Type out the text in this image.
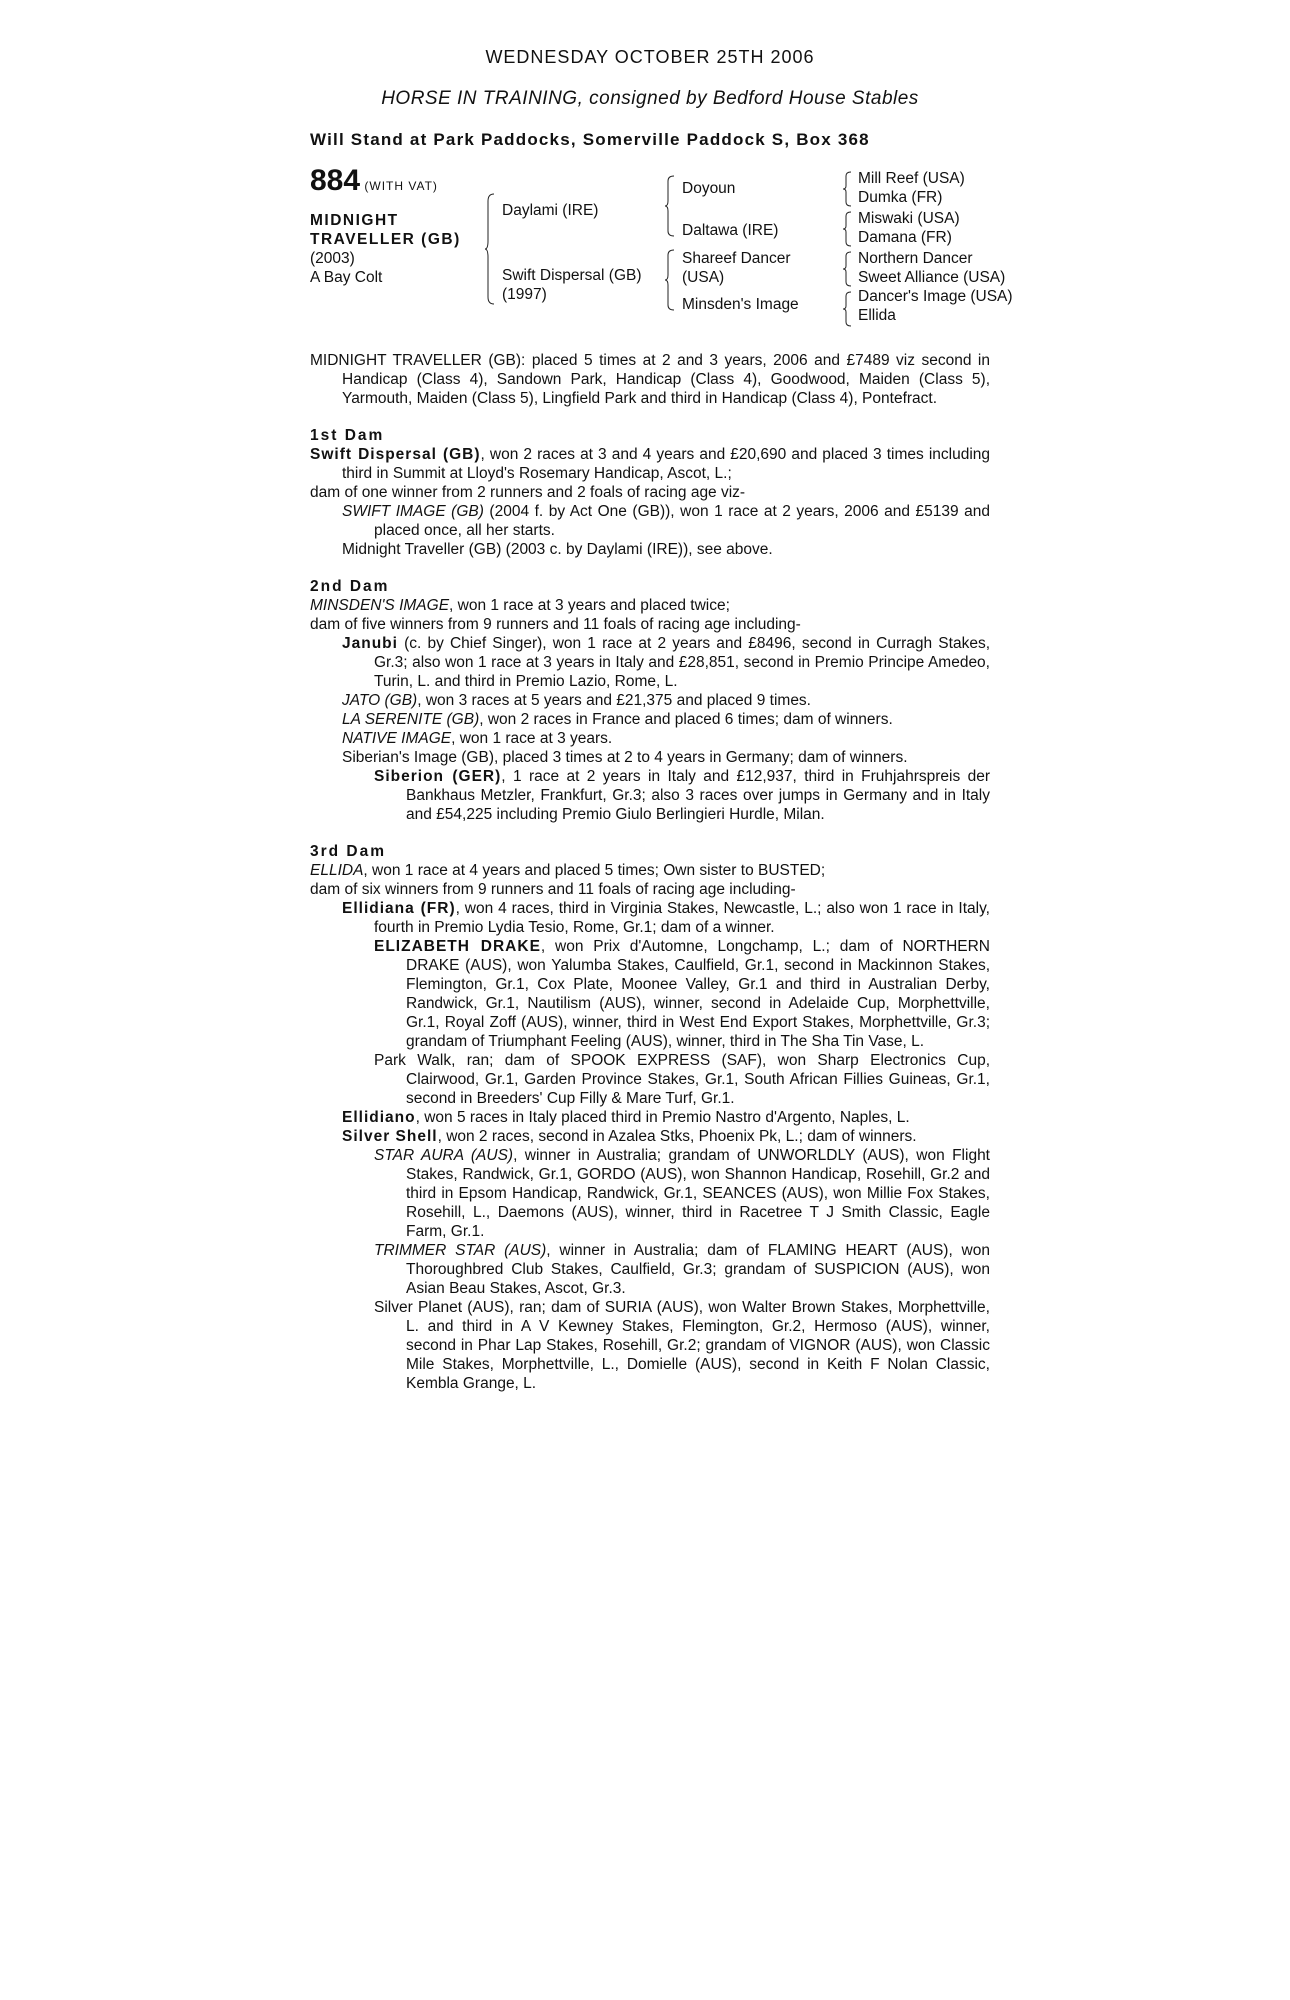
WEDNESDAY OCTOBER 25TH 2006
HORSE IN TRAINING, consigned by Bedford House Stables
Will Stand at Park Paddocks, Somerville Paddock S, Box 368
884 (WITH VAT)
MIDNIGHT
TRAVELLER (GB)
(2003)
A Bay Colt
Daylami (IRE)
Swift Dispersal (GB)
(1997)
Doyoun
Daltawa (IRE)
Shareef Dancer
(USA)
Minsden's Image
Mill Reef (USA)
Dumka (FR)
Miswaki (USA)
Damana (FR)
Northern Dancer
Sweet Alliance (USA)
Dancer's Image (USA)
Ellida

MIDNIGHT TRAVELLER (GB): placed 5 times at 2 and 3 years, 2006 and £7489 viz second in Handicap (Class 4), Sandown Park, Handicap (Class 4), Goodwood, Maiden (Class 5), Yarmouth, Maiden (Class 5), Lingfield Park and third in Handicap (Class 4), Pontefract.

1st Dam

Swift Dispersal (GB), won 2 races at 3 and 4 years and £20,690 and placed 3 times including third in Summit at Lloyd's Rosemary Handicap, Ascot, L.;

dam of one winner from 2 runners and 2 foals of racing age viz-

SWIFT IMAGE (GB) (2004 f. by Act One (GB)), won 1 race at 2 years, 2006 and £5139 and placed once, all her starts.

Midnight Traveller (GB) (2003 c. by Daylami (IRE)), see above.

2nd Dam

MINSDEN'S IMAGE, won 1 race at 3 years and placed twice;

dam of five winners from 9 runners and 11 foals of racing age including-

Janubi (c. by Chief Singer), won 1 race at 2 years and £8496, second in Curragh Stakes, Gr.3; also won 1 race at 3 years in Italy and £28,851, second in Premio Principe Amedeo, Turin, L. and third in Premio Lazio, Rome, L.

JATO (GB), won 3 races at 5 years and £21,375 and placed 9 times.

LA SERENITE (GB), won 2 races in France and placed 6 times; dam of winners.

NATIVE IMAGE, won 1 race at 3 years.

Siberian's Image (GB), placed 3 times at 2 to 4 years in Germany; dam of winners.

Siberion (GER), 1 race at 2 years in Italy and £12,937, third in Fruhjahrspreis der Bankhaus Metzler, Frankfurt, Gr.3; also 3 races over jumps in Germany and in Italy and £54,225 including Premio Giulo Berlingieri Hurdle, Milan.

3rd Dam

ELLIDA, won 1 race at 4 years and placed 5 times; Own sister to BUSTED;

dam of six winners from 9 runners and 11 foals of racing age including-

Ellidiana (FR), won 4 races, third in Virginia Stakes, Newcastle, L.; also won 1 race in Italy, fourth in Premio Lydia Tesio, Rome, Gr.1; dam of a winner.

ELIZABETH DRAKE, won Prix d'Automne, Longchamp, L.; dam of NORTHERN DRAKE (AUS), won Yalumba Stakes, Caulfield, Gr.1, second in Mackinnon Stakes, Flemington, Gr.1, Cox Plate, Moonee Valley, Gr.1 and third in Australian Derby, Randwick, Gr.1, Nautilism (AUS), winner, second in Adelaide Cup, Morphettville, Gr.1, Royal Zoff (AUS), winner, third in West End Export Stakes, Morphettville, Gr.3; grandam of Triumphant Feeling (AUS), winner, third in The Sha Tin Vase, L.

Park Walk, ran; dam of SPOOK EXPRESS (SAF), won Sharp Electronics Cup, Clairwood, Gr.1, Garden Province Stakes, Gr.1, South African Fillies Guineas, Gr.1, second in Breeders' Cup Filly & Mare Turf, Gr.1.

Ellidiano, won 5 races in Italy placed third in Premio Nastro d'Argento, Naples, L.

Silver Shell, won 2 races, second in Azalea Stks, Phoenix Pk, L.; dam of winners.

STAR AURA (AUS), winner in Australia; grandam of UNWORLDLY (AUS), won Flight Stakes, Randwick, Gr.1, GORDO (AUS), won Shannon Handicap, Rosehill, Gr.2 and third in Epsom Handicap, Randwick, Gr.1, SEANCES (AUS), won Millie Fox Stakes, Rosehill, L., Daemons (AUS), winner, third in Racetree T J Smith Classic, Eagle Farm, Gr.1.

TRIMMER STAR (AUS), winner in Australia; dam of FLAMING HEART (AUS), won Thoroughbred Club Stakes, Caulfield, Gr.3; grandam of SUSPICION (AUS), won Asian Beau Stakes, Ascot, Gr.3.

Silver Planet (AUS), ran; dam of SURIA (AUS), won Walter Brown Stakes, Morphettville, L. and third in A V Kewney Stakes, Flemington, Gr.2, Hermoso (AUS), winner, second in Phar Lap Stakes, Rosehill, Gr.2; grandam of VIGNOR (AUS), won Classic Mile Stakes, Morphettville, L., Domielle (AUS), second in Keith F Nolan Classic, Kembla Grange, L.
